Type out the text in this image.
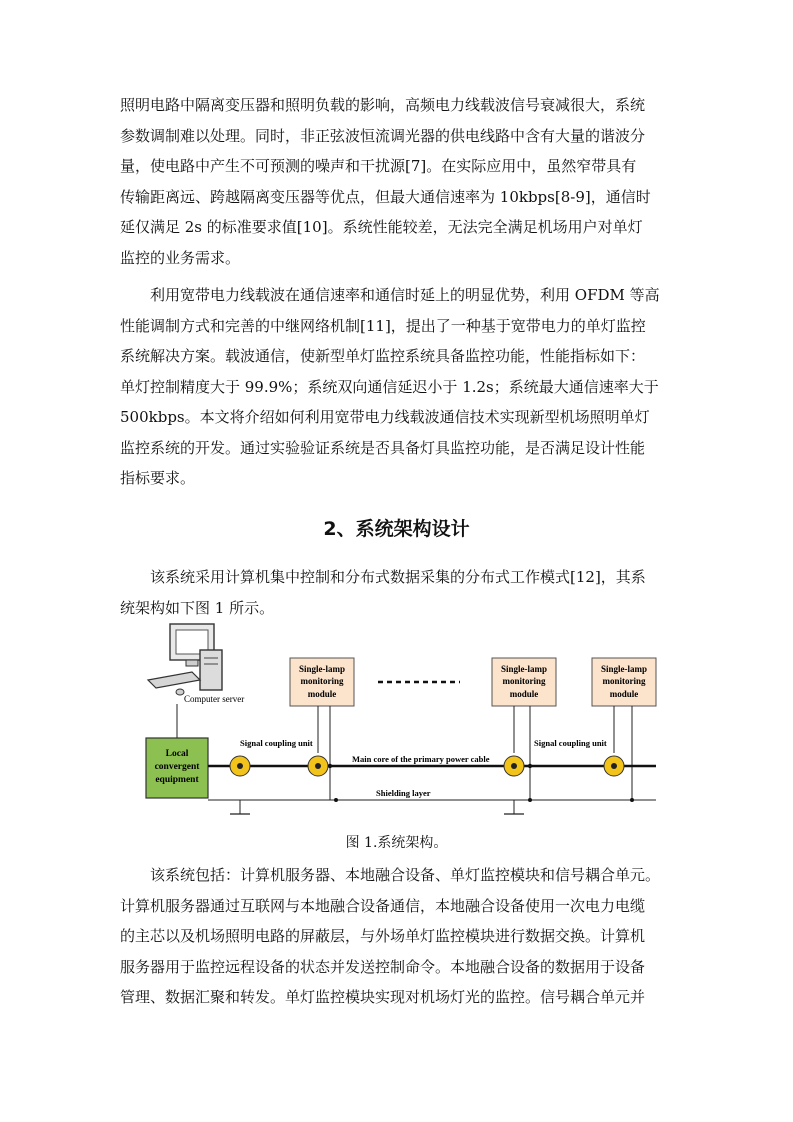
照明电路中隔离变压器和照明负载的影响，高频电力线载波信号衰减很大，系统
参数调制难以处理。同时，非正弦波恒流调光器的供电线路中含有大量的谐波分
量，使电路中产生不可预测的噪声和干扰源[7]。在实际应用中，虽然窄带具有
传输距离远、跨越隔离变压器等优点，但最大通信速率为 10kbps[8-9]，通信时
延仅满足 2s 的标准要求值[10]。系统性能较差，无法完全满足机场用户对单灯
监控的业务需求。
　　利用宽带电力线载波在通信速率和通信时延上的明显优势，利用 OFDM 等高
性能调制方式和完善的中继网络机制[11]，提出了一种基于宽带电力的单灯监控
系统解决方案。载波通信，使新型单灯监控系统具备监控功能，性能指标如下：
单灯控制精度大于 99.9%；系统双向通信延迟小于 1.2s；系统最大通信速率大于
500kbps。本文将介绍如何利用宽带电力线载波通信技术实现新型机场照明单灯
监控系统的开发。通过实验验证系统是否具备灯具监控功能，是否满足设计性能
指标要求。
2、系统架构设计
　　该系统采用计算机集中控制和分布式数据采集的分布式工作模式[12]，其系
统架构如下图 1 所示。
Computer server
Local
convergent
equipment
Single-lamp
monitoring
module
Single-lamp
monitoring
module
Single-lamp
monitoring
module
Signal coupling unit	Signal coupling unit
Main core of the primary power cable
Shielding layer
图 1.系统架构。
　　该系统包括：计算机服务器、本地融合设备、单灯监控模块和信号耦合单元。
计算机服务器通过互联网与本地融合设备通信，本地融合设备使用一次电力电缆
的主芯以及机场照明电路的屏蔽层，与外场单灯监控模块进行数据交换。计算机
服务器用于监控远程设备的状态并发送控制命令。本地融合设备的数据用于设备
管理、数据汇聚和转发。单灯监控模块实现对机场灯光的监控。信号耦合单元并
